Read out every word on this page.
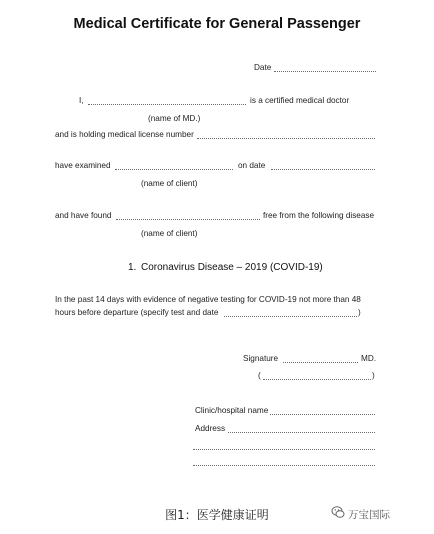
Medical Certificate for General Passenger
Date
I,	is a certified medical doctor
(name of MD.)
and is holding medical license number
have examined	on date
(name of client)
and have found	free from the following disease
(name of client)
1. Coronavirus Disease – 2019 (COVID-19)
In the past 14 days with evidence of negative testing for COVID-19 not more than 48
hours before departure (specify test and date	)
Signature	MD.
(	)
Clinic/hospital name
Address
图1：医学健康证明	万宝国际
